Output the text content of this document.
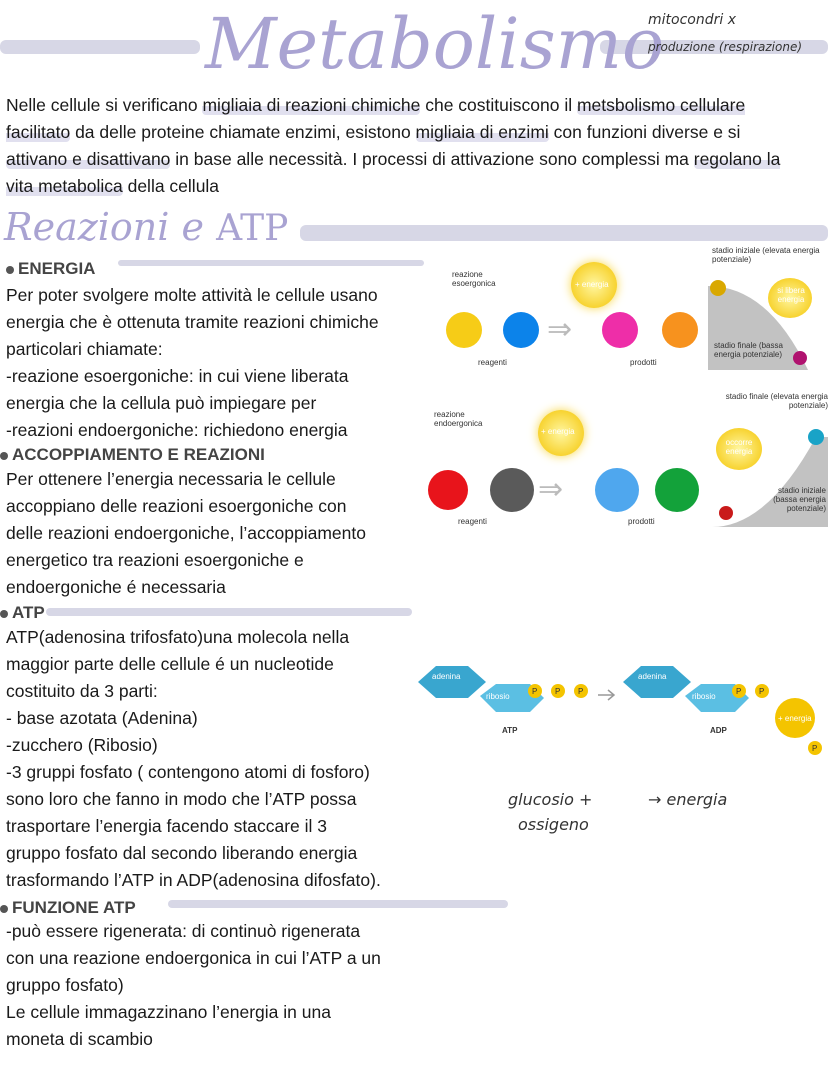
Metabolismo
mitocondri x
produzione (respirazione)
Nelle cellule si verificano migliaia di reazioni chimiche che costituiscono il metsbolismo cellulare facilitato da delle proteine chiamate enzimi, esistono migliaia di enzimi con funzioni diverse e si attivano e disattivano in base alle necessità. I processi di attivazione sono complessi ma regolano la vita metabolica della cellula
Reazioni e ATP
ENERGIA
Per poter svolgere molte attività le cellule usano
energia che è ottenuta tramite reazioni chimiche
particolari chiamate:
-reazione esoergoniche: in cui viene liberata
energia che la cellula può impiegare per
-reazioni endoergoniche: richiedono energia
ACCOPPIAMENTO E REAZIONI
Per ottenere l’energia necessaria le cellule
accoppiano delle reazioni esoergoniche con
delle reazioni endoergoniche, l’accoppiamento
energetico tra reazioni esoergoniche e
endoergoniche é necessaria
ATP
ATP(adenosina trifosfato)una molecola nella
maggior parte delle cellule é un nucleotide
costituito da 3 parti:
- base azotata (Adenina)
-zucchero (Ribosio)
-3 gruppi fosfato ( contengono atomi di fosforo)
sono loro che fanno in modo che l’ATP possa
trasportare l’energia facendo staccare il 3
gruppo fosfato dal secondo liberando energia
trasformando l’ATP in ADP(adenosina difosfato).
FUNZIONE ATP
-può essere rigenerata: di continuò rigenerata
con una reazione endoergonica in cui l’ATP a un
gruppo fosfato)
Le cellule immagazzinano l’energia in una
moneta di scambio
reazione esoergonica	+ energia
⇒
reagenti	prodotti
stadio iniziale (elevata energia potenziale)
si libera energia
stadio finale (bassa energia potenziale)
reazione endoergonica
+ energia
⇒
reagenti	prodotti
stadio finale (elevata energia potenziale)
occorre energia
stadio iniziale (bassa energia potenziale)
adenina
ribosio
P P P
adenina
ribosio
P P
P
ATP	ADP
+ energia
glucosio +
ossigeno
→ energia
